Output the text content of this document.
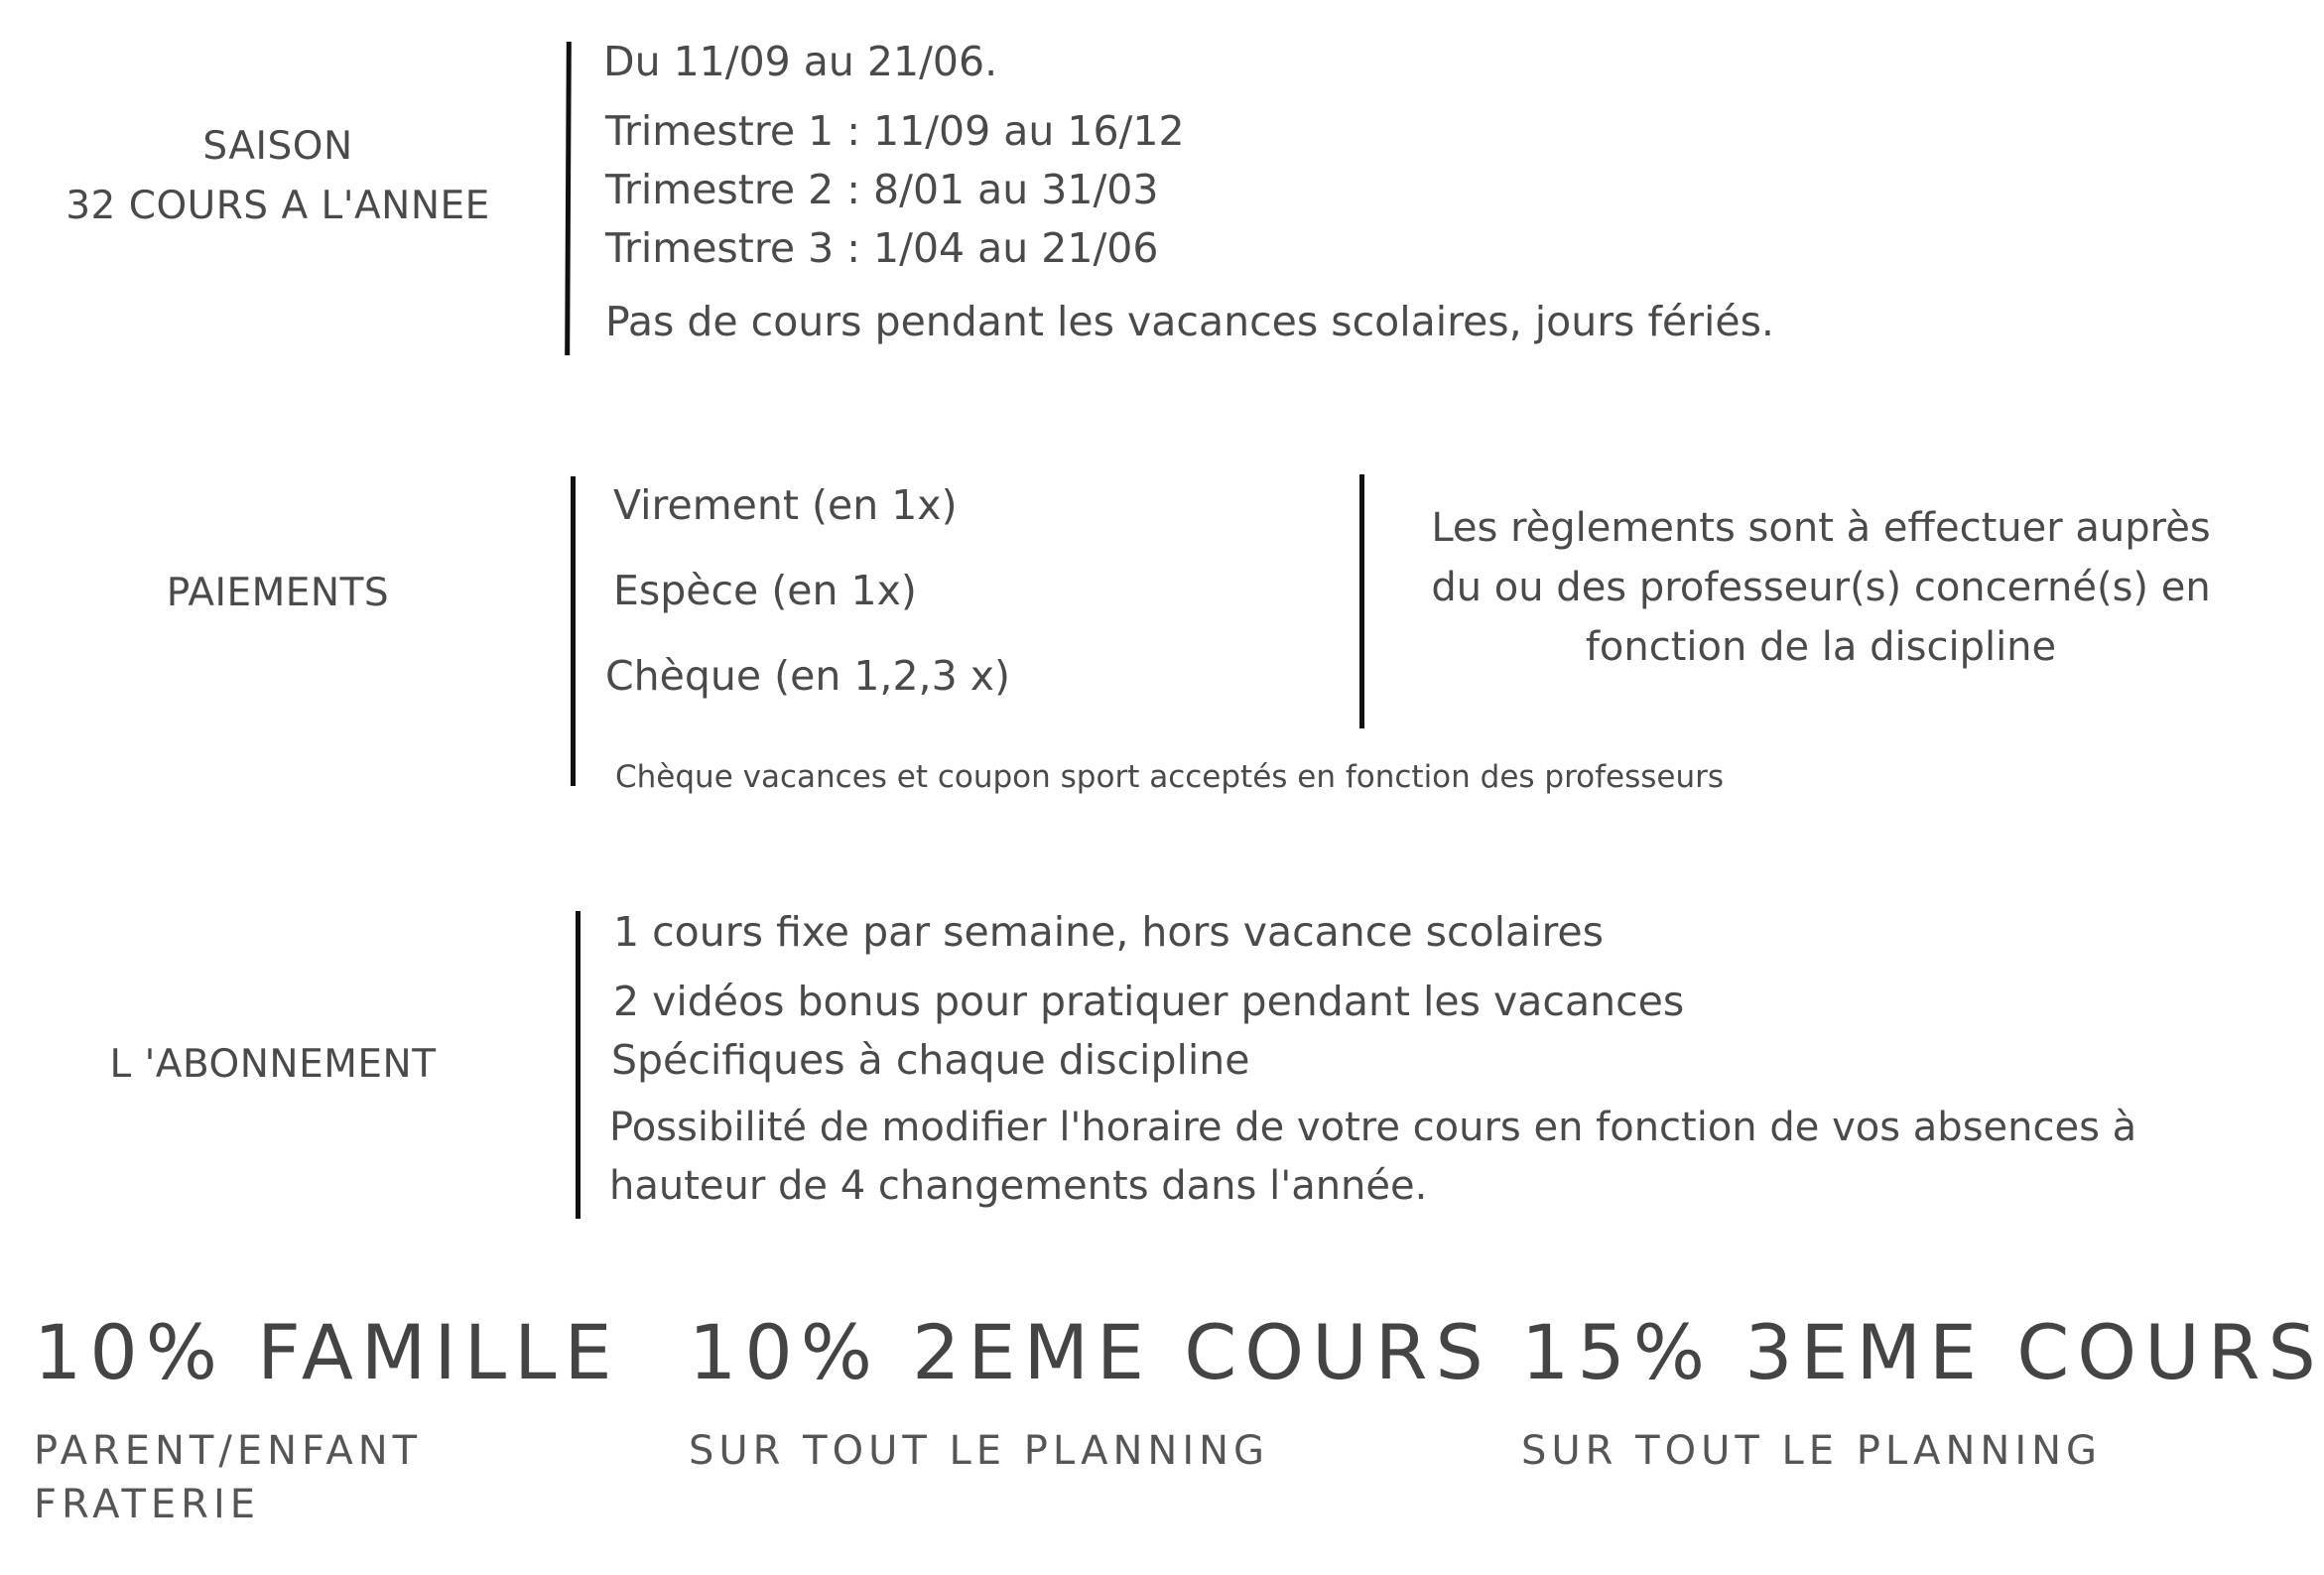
SAISON
32 COURS A L'ANNEE
Du 11/09 au 21/06.
Trimestre 1 : 11/09 au 16/12
Trimestre 2 : 8/01 au 31/03
Trimestre 3 : 1/04 au 21/06
Pas de cours pendant les vacances scolaires, jours fériés.
PAIEMENTS
Virement (en 1x)
Espèce (en 1x)
Chèque (en 1,2,3 x)
Chèque vacances et coupon sport acceptés en fonction des professeurs
Les règlements sont à effectuer auprès
du ou des professeur(s) concerné(s) en
fonction de la discipline
L 'ABONNEMENT
1 cours fixe par semaine, hors vacance scolaires
2 vidéos bonus pour pratiquer pendant les vacances
Spécifiques à chaque discipline
Possibilité de modifier l'horaire de votre cours en fonction de vos absences à
hauteur de 4 changements dans l'année.
10% FAMILLE
PARENT/ENFANT
FRATERIE
10% 2EME COURS
SUR TOUT LE PLANNING
15% 3EME COURS
SUR TOUT LE PLANNING
